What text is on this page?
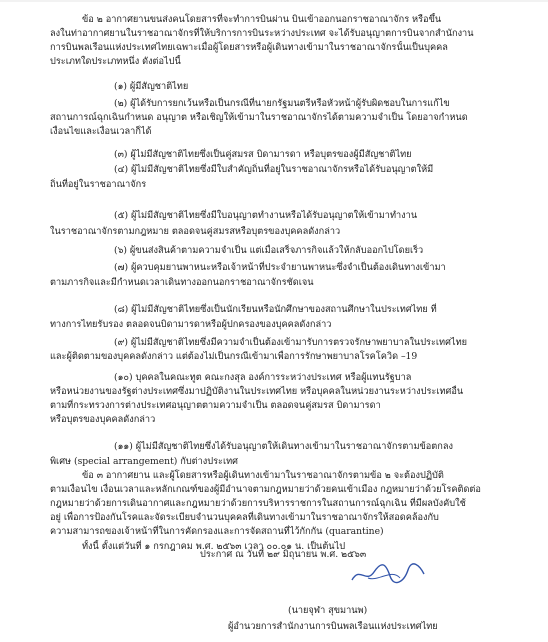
ข้อ ๒ อากาศยานขนส่งคนโดยสารที่จะทำการบินผ่าน บินเข้าออกนอกราชอาณาจักร หรือขึ้น
ลงในท่าอากาศยานในราชอาณาจักรที่ให้บริการการบินระหว่างประเทศ จะได้รับอนุญาตการบินจากสำนักงาน
การบินพลเรือนแห่งประเทศไทยเฉพาะเมื่อผู้โดยสารหรือผู้เดินทางเข้ามาในราชอาณาจักรนั้นเป็นบุคคล
ประเภทใดประเภทหนึ่ง ดังต่อไปนี้
(๑) ผู้มีสัญชาติไทย
(๒) ผู้ได้รับการยกเว้นหรือเป็นกรณีที่นายกรัฐมนตรีหรือหัวหน้าผู้รับผิดชอบในการแก้ไข
สถานการณ์ฉุกเฉินกำหนด อนุญาต หรือเชิญให้เข้ามาในราชอาณาจักรได้ตามความจำเป็น โดยอาจกำหนด
เงื่อนไขและเงื่อนเวลาก็ได้
(๓) ผู้ไม่มีสัญชาติไทยซึ่งเป็นคู่สมรส บิดามารดา หรือบุตรของผู้มีสัญชาติไทย
(๔) ผู้ไม่มีสัญชาติไทยซึ่งมีใบสำคัญถิ่นที่อยู่ในราชอาณาจักรหรือได้รับอนุญาตให้มี
ถิ่นที่อยู่ในราชอาณาจักร
(๕) ผู้ไม่มีสัญชาติไทยซึ่งมีใบอนุญาตทำงานหรือได้รับอนุญาตให้เข้ามาทำงาน
ในราชอาณาจักรตามกฎหมาย ตลอดจนคู่สมรสหรือบุตรของบุคคลดังกล่าว
(๖) ผู้ขนส่งสินค้าตามความจำเป็น แต่เมื่อเสร็จภารกิจแล้วให้กลับออกไปโดยเร็ว
(๗) ผู้ควบคุมยานพาหนะหรือเจ้าหน้าที่ประจำยานพาหนะซึ่งจำเป็นต้องเดินทางเข้ามา
ตามภารกิจและมีกำหนดเวลาเดินทางออกนอกราชอาณาจักรชัดเจน
(๘) ผู้ไม่มีสัญชาติไทยซึ่งเป็นนักเรียนหรือนักศึกษาของสถานศึกษาในประเทศไทย ที่
ทางการไทยรับรอง ตลอดจนบิดามารดาหรือผู้ปกครองของบุคคลดังกล่าว
(๙) ผู้ไม่มีสัญชาติไทยซึ่งมีความจำเป็นต้องเข้ามารับการตรวจรักษาพยาบาลในประเทศไทย
และผู้ติดตามของบุคคลดังกล่าว แต่ต้องไม่เป็นกรณีเข้ามาเพื่อการรักษาพยาบาลโรคโควิด –19
(๑๐) บุคคลในคณะทูต คณะกงสุล องค์การระหว่างประเทศ หรือผู้แทนรัฐบาล
หรือหน่วยงานของรัฐต่างประเทศซึ่งมาปฏิบัติงานในประเทศไทย หรือบุคคลในหน่วยงานระหว่างประเทศอื่น
ตามที่กระทรวงการต่างประเทศอนุญาตตามความจำเป็น ตลอดจนคู่สมรส บิดามารดา
หรือบุตรของบุคคลดังกล่าว
(๑๑) ผู้ไม่มีสัญชาติไทยซึ่งได้รับอนุญาตให้เดินทางเข้ามาในราชอาณาจักรตามข้อตกลง
พิเศษ (special arrangement) กับต่างประเทศ
ข้อ ๓ อากาศยาน และผู้โดยสารหรือผู้เดินทางเข้ามาในราชอาณาจักรตามข้อ ๒ จะต้องปฏิบัติ
ตามเงื่อนไข เงื่อนเวลาและหลักเกณฑ์ของผู้มีอำนาจตามกฎหมายว่าด้วยคนเข้าเมือง กฎหมายว่าด้วยโรคติดต่อ
กฎหมายว่าด้วยการเดินอากาศและกฎหมายว่าด้วยการบริหารราชการในสถานการณ์ฉุกเฉิน ที่มีผลบังคับใช้
อยู่ เพื่อการป้องกันโรคและจัดระเบียบจำนวนบุคคลที่เดินทางเข้ามาในราชอาณาจักรให้สอดคล้องกับ
ความสามารถของเจ้าหน้าที่ในการคัดกรองและการจัดสถานที่ไว้กักกัน (quarantine)
ทั้งนี้ ตั้งแต่วันที่ ๑ กรกฎาคม พ.ศ. ๒๕๖๓ เวลา ๐๐.๐๑ น. เป็นต้นไป
ประกาศ ณ วันที่ ๒๙ มิถุนายน พ.ศ. ๒๕๖๓
(นายจุฬา สุขมานพ)
ผู้อำนวยการสำนักงานการบินพลเรือนแห่งประเทศไทย
